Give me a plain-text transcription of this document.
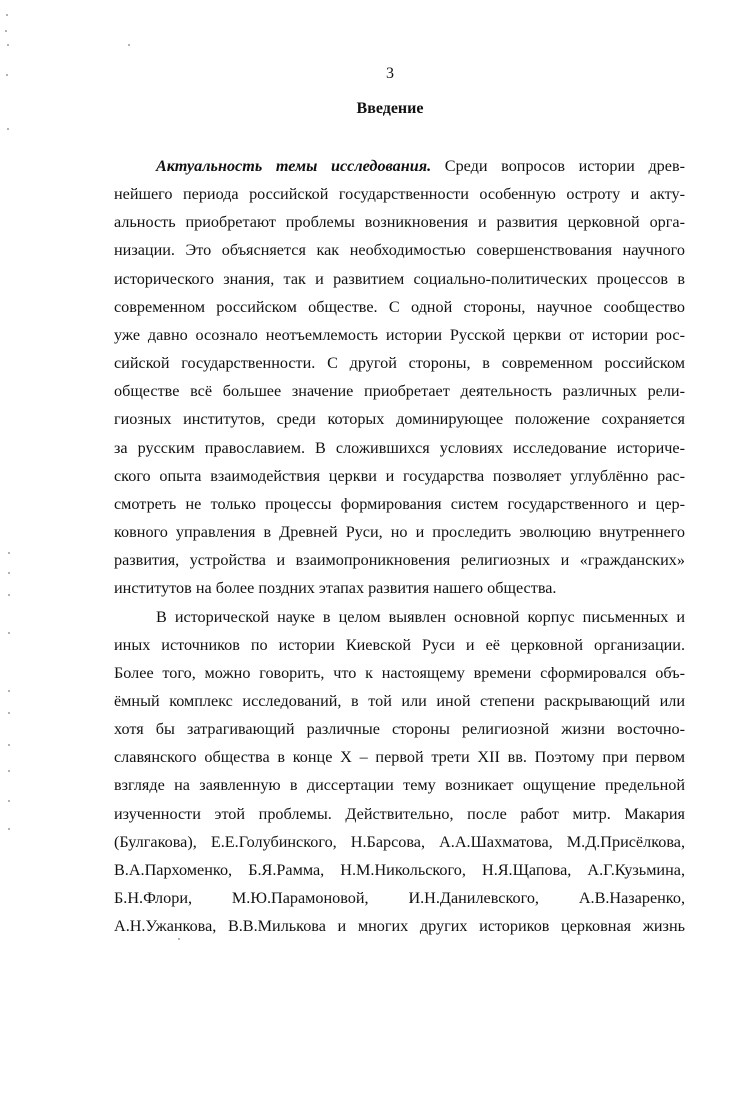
3
Введение
Актуальность темы исследования. Среди вопросов истории древ-
нейшего периода российской государственности особенную остроту и акту-
альность приобретают проблемы возникновения и развития церковной орга-
низации. Это объясняется как необходимостью совершенствования научного
исторического знания, так и развитием социально-политических процессов в
современном российском обществе. С одной стороны, научное сообщество
уже давно осознало неотъемлемость истории Русской церкви от истории рос-
сийской государственности. С другой стороны, в современном российском
обществе всё большее значение приобретает деятельность различных рели-
гиозных институтов, среди которых доминирующее положение сохраняется
за русским православием. В сложившихся условиях исследование историче-
ского опыта взаимодействия церкви и государства позволяет углублённо рас-
смотреть не только процессы формирования систем государственного и цер-
ковного управления в Древней Руси, но и проследить эволюцию внутреннего
развития, устройства и взаимопроникновения религиозных и «гражданских»
институтов на более поздних этапах развития нашего общества.
В исторической науке в целом выявлен основной корпус письменных и
иных источников по истории Киевской Руси и её церковной организации.
Более того, можно говорить, что к настоящему времени сформировался объ-
ёмный комплекс исследований, в той или иной степени раскрывающий или
хотя бы затрагивающий различные стороны религиозной жизни восточно-
славянского общества в конце X – первой трети XII вв. Поэтому при первом
взгляде на заявленную в диссертации тему возникает ощущение предельной
изученности этой проблемы. Действительно, после работ митр. Макария
(Булгакова), Е.Е.Голубинского, Н.Барсова, А.А.Шахматова, М.Д.Присёлкова,
В.А.Пархоменко, Б.Я.Рамма, Н.М.Никольского, Н.Я.Щапова, А.Г.Кузьмина,
Б.Н.Флори, М.Ю.Парамоновой, И.Н.Данилевского, А.В.Назаренко,
А.Н.Ужанкова, В.В.Милькова и многих других историков церковная жизнь
